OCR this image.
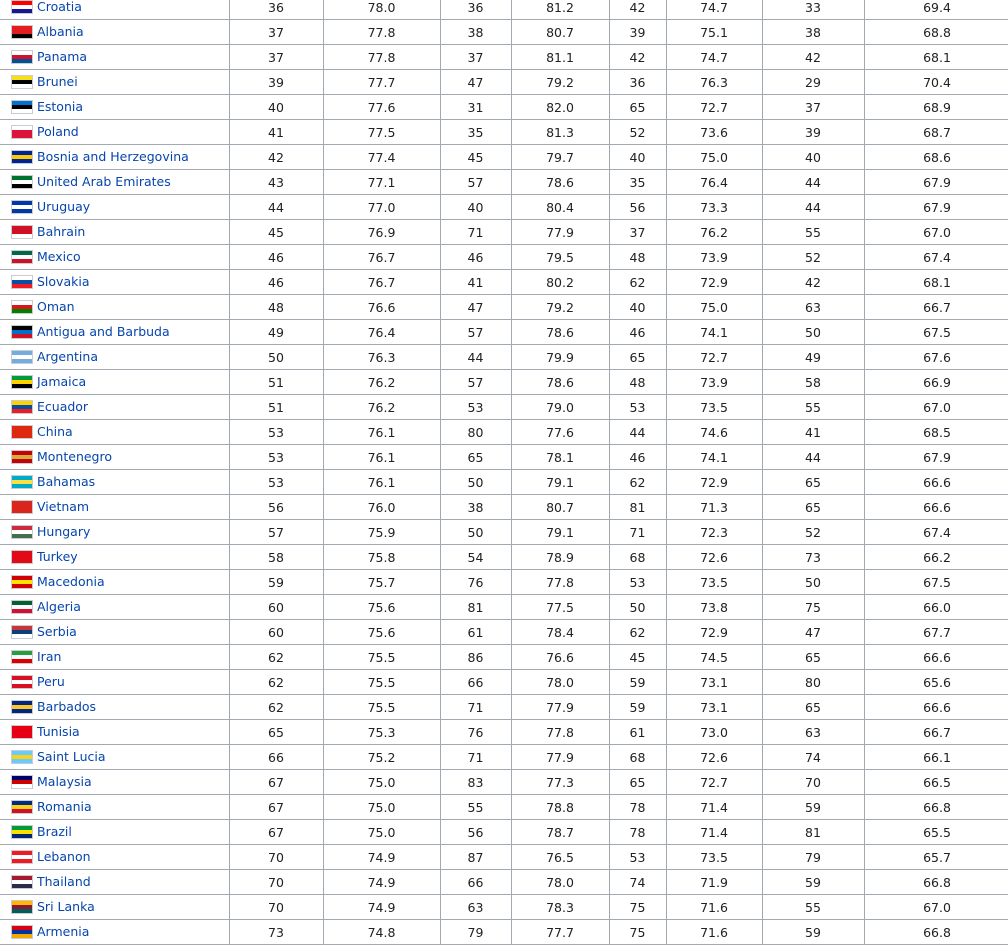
Croatia	36	78.0	36	81.2	42	74.7	33	69.4
Albania	37	77.8	38	80.7	39	75.1	38	68.8
Panama	37	77.8	37	81.1	42	74.7	42	68.1
Brunei	39	77.7	47	79.2	36	76.3	29	70.4
Estonia	40	77.6	31	82.0	65	72.7	37	68.9
Poland	41	77.5	35	81.3	52	73.6	39	68.7
Bosnia and Herzegovina	42	77.4	45	79.7	40	75.0	40	68.6
United Arab Emirates	43	77.1	57	78.6	35	76.4	44	67.9
Uruguay	44	77.0	40	80.4	56	73.3	44	67.9
Bahrain	45	76.9	71	77.9	37	76.2	55	67.0
Mexico	46	76.7	46	79.5	48	73.9	52	67.4
Slovakia	46	76.7	41	80.2	62	72.9	42	68.1
Oman	48	76.6	47	79.2	40	75.0	63	66.7
Antigua and Barbuda	49	76.4	57	78.6	46	74.1	50	67.5
Argentina	50	76.3	44	79.9	65	72.7	49	67.6
Jamaica	51	76.2	57	78.6	48	73.9	58	66.9
Ecuador	51	76.2	53	79.0	53	73.5	55	67.0
China	53	76.1	80	77.6	44	74.6	41	68.5
Montenegro	53	76.1	65	78.1	46	74.1	44	67.9
Bahamas	53	76.1	50	79.1	62	72.9	65	66.6
Vietnam	56	76.0	38	80.7	81	71.3	65	66.6
Hungary	57	75.9	50	79.1	71	72.3	52	67.4
Turkey	58	75.8	54	78.9	68	72.6	73	66.2
Macedonia	59	75.7	76	77.8	53	73.5	50	67.5
Algeria	60	75.6	81	77.5	50	73.8	75	66.0
Serbia	60	75.6	61	78.4	62	72.9	47	67.7
Iran	62	75.5	86	76.6	45	74.5	65	66.6
Peru	62	75.5	66	78.0	59	73.1	80	65.6
Barbados	62	75.5	71	77.9	59	73.1	65	66.6
Tunisia	65	75.3	76	77.8	61	73.0	63	66.7
Saint Lucia	66	75.2	71	77.9	68	72.6	74	66.1
Malaysia	67	75.0	83	77.3	65	72.7	70	66.5
Romania	67	75.0	55	78.8	78	71.4	59	66.8
Brazil	67	75.0	56	78.7	78	71.4	81	65.5
Lebanon	70	74.9	87	76.5	53	73.5	79	65.7
Thailand	70	74.9	66	78.0	74	71.9	59	66.8
Sri Lanka	70	74.9	63	78.3	75	71.6	55	67.0
Armenia	73	74.8	79	77.7	75	71.6	59	66.8
